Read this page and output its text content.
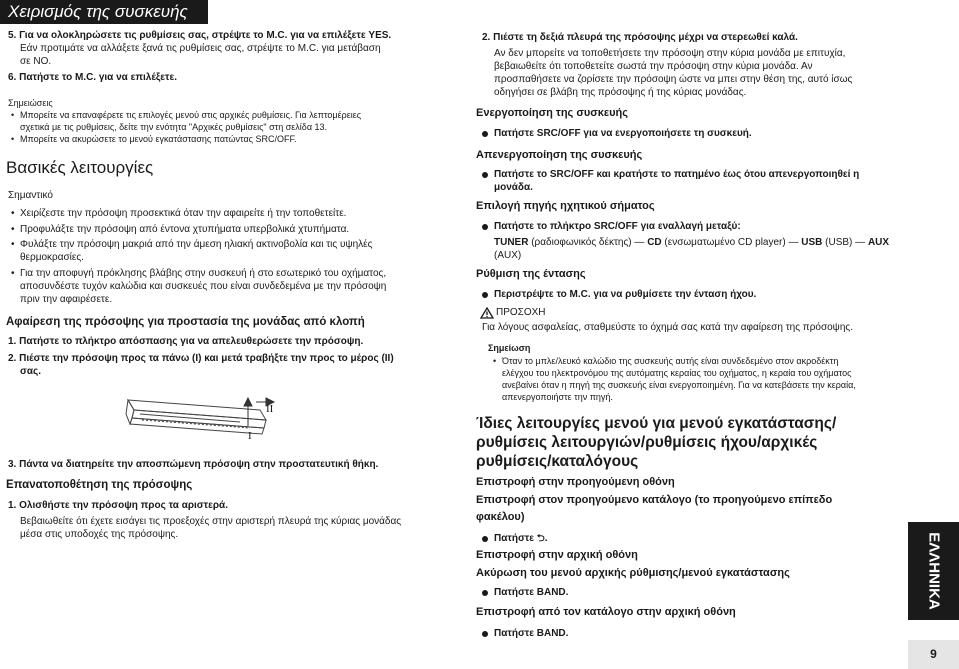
Χειρισμός της συσκευής
5. Για να ολοκληρώσετε τις ρυθμίσεις σας, στρέψτε το M.C. για να επιλέξετε YES.
Εάν προτιμάτε να αλλάξετε ξανά τις ρυθμίσεις σας, στρέψτε το M.C. για μετάβαση
σε NO.
6. Πατήστε το M.C. για να επιλέξετε.
Σημειώσεις
• Μπορείτε να επαναφέρετε τις επιλογές μενού στις αρχικές ρυθμίσεις. Για λεπτομέρειες
σχετικά με τις ρυθμίσεις, δείτε την ενότητα "Αρχικές ρυθμίσεις" στη σελίδα 13.
• Μπορείτε να ακυρώσετε το μενού εγκατάστασης πατώντας SRC/OFF.
Βασικές λειτουργίες
Σημαντικό
• Χειρίζεστε την πρόσοψη προσεκτικά όταν την αφαιρείτε ή την τοποθετείτε.
• Προφυλάξτε την πρόσοψη από έντονα χτυπήματα υπερβολικά χτυπήματα.
• Φυλάξτε την πρόσοψη μακριά από την άμεση ηλιακή ακτινοβολία και τις υψηλές
θερμοκρασίες.
• Για την αποφυγή πρόκλησης βλάβης στην συσκευή ή στο εσωτερικό του οχήματος,
αποσυνδέστε τυχόν καλώδια και συσκευές που είναι συνδεδεμένα με την πρόσοψη
πριν την αφαιρέσετε.
Αφαίρεση της πρόσοψης για προστασία της μονάδας από κλοπή
1. Πατήστε το πλήκτρο απόσπασης για να απελευθερώσετε την πρόσοψη.
2. Πιέστε την πρόσοψη προς τα πάνω (I) και μετά τραβήξτε την προς το μέρος (II)
σας.
II
I
3. Πάντα να διατηρείτε την αποσπώμενη πρόσοψη στην προστατευτική θήκη.
Επανατοποθέτηση της πρόσοψης
1. Ολισθήστε την πρόσοψη προς τα αριστερά.
Βεβαιωθείτε ότι έχετε εισάγει τις προεξοχές στην αριστερή πλευρά της κύριας μονάδας
μέσα στις υποδοχές της πρόσοψης.
2. Πιέστε τη δεξιά πλευρά της πρόσοψης μέχρι να στερεωθεί καλά.
Αν δεν μπορείτε να τοποθετήσετε την πρόσοψη στην κύρια μονάδα με επιτυχία,
βεβαιωθείτε ότι τοποθετείτε σωστά την πρόσοψη στην κύρια μονάδα. Αν
προσπαθήσετε να ζορίσετε την πρόσοψη ώστε να μπει στην θέση της, αυτό ίσως
οδηγήσει σε βλάβη της πρόσοψης ή της κύριας μονάδας.
Ενεργοποίηση της συσκευής
Πατήστε SRC/OFF για να ενεργοποιήσετε τη συσκευή.
Απενεργοποίηση της συσκευής
Πατήστε το SRC/OFF και κρατήστε το πατημένο έως ότου απενεργοποιηθεί η
μονάδα.
Επιλογή πηγής ηχητικού σήματος
Πατήστε το πλήκτρο SRC/OFF για εναλλαγή μεταξύ:
TUNER (ραδιοφωνικός δέκτης) — CD (ενσωματωμένο CD player) — USB (USB) — AUX
(AUX)
Ρύθμιση της έντασης
Περιστρέψτε το M.C. για να ρυθμίσετε την ένταση ήχου.
ΠΡΟΣΟΧΗ
Για λόγους ασφαλείας, σταθμεύστε το όχημά σας κατά την αφαίρεση της πρόσοψης.
Σημείωση
• Όταν το μπλε/λευκό καλώδιο της συσκευής αυτής είναι συνδεδεμένο στον ακροδέκτη
ελέγχου του ηλεκτρονόμου της αυτόματης κεραίας του οχήματος, η κεραία του οχήματος
ανεβαίνει όταν η πηγή της συσκευής είναι ενεργοποιημένη. Για να κατεβάσετε την κεραία,
απενεργοποιήστε την πηγή.
Ίδιες λειτουργίες μενού για μενού εγκατάστασης/
ρυθμίσεις λειτουργιών/ρυθμίσεις ήχου/αρχικές
ρυθμίσεις/καταλόγους
Επιστροφή στην προηγούμενη οθόνη
Επιστροφή στον προηγούμενο κατάλογο (το προηγούμενο επίπεδο
φακέλου)
Πατήστε ⮌.
Επιστροφή στην αρχική οθόνη
Ακύρωση του μενού αρχικής ρύθμισης/μενού εγκατάστασης
Πατήστε BAND.
Επιστροφή από τον κατάλογο στην αρχική οθόνη
Πατήστε BAND.
ΕΛΛΗΝΙΚΑ
9
